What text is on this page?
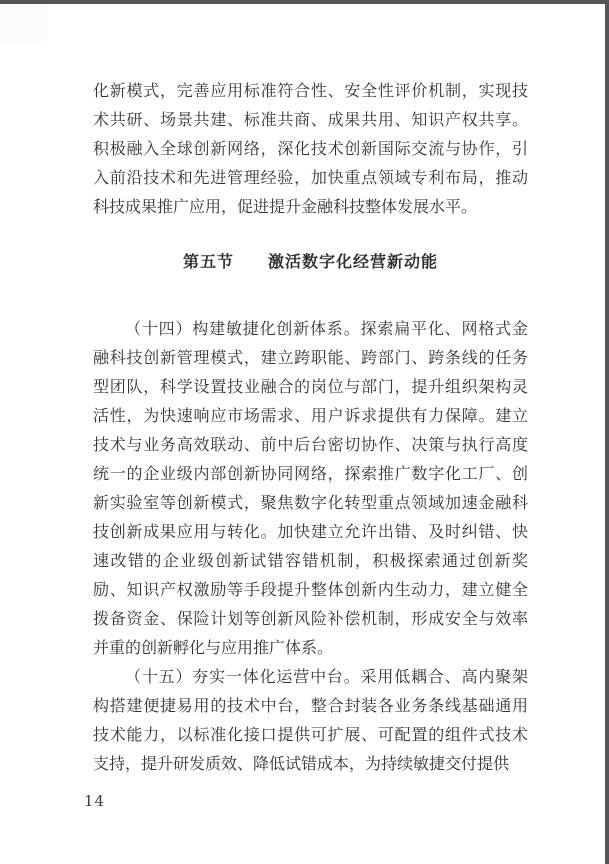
化新模式，完善应用标准符合性、安全性评价机制，实现技
术共研、场景共建、标准共商、成果共用、知识产权共享。
积极融入全球创新网络，深化技术创新国际交流与协作，引
入前沿技术和先进管理经验，加快重点领域专利布局，推动
科技成果推广应用，促进提升金融科技整体发展水平。
第五节　　激活数字化经营新动能
（十四）构建敏捷化创新体系。探索扁平化、网格式金
融科技创新管理模式，建立跨职能、跨部门、跨条线的任务
型团队，科学设置技业融合的岗位与部门，提升组织架构灵
活性，为快速响应市场需求、用户诉求提供有力保障。建立
技术与业务高效联动、前中后台密切协作、决策与执行高度
统一的企业级内部创新协同网络，探索推广数字化工厂、创
新实验室等创新模式，聚焦数字化转型重点领域加速金融科
技创新成果应用与转化。加快建立允许出错、及时纠错、快
速改错的企业级创新试错容错机制，积极探索通过创新奖
励、知识产权激励等手段提升整体创新内生动力，建立健全
拨备资金、保险计划等创新风险补偿机制，形成安全与效率
并重的创新孵化与应用推广体系。
（十五）夯实一体化运营中台。采用低耦合、高内聚架
构搭建便捷易用的技术中台，整合封装各业务条线基础通用
技术能力，以标准化接口提供可扩展、可配置的组件式技术
支持，提升研发质效、降低试错成本，为持续敏捷交付提供
14
